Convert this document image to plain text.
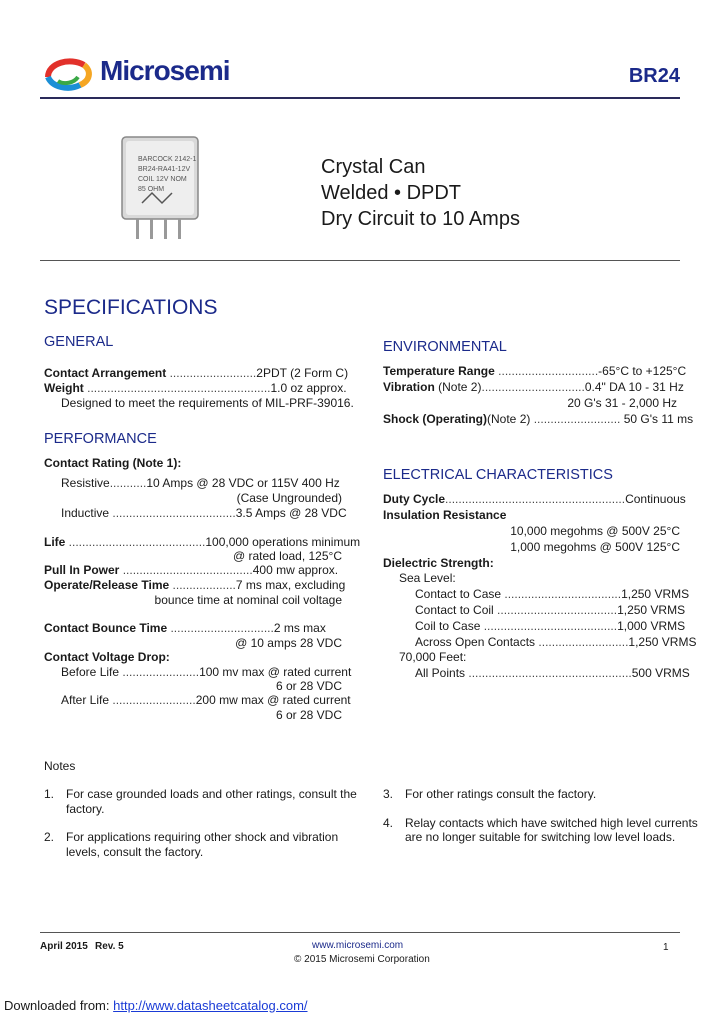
Microsemi	BR24
BARCOCK 2142-1
BR24-RA41-12V
COIL 12V NOM
85 OHM
Crystal Can
Welded • DPDT
Dry Circuit to 10 Amps
SPECIFICATIONS
GENERAL
Contact Arrangement ..........................2PDT (2 Form C)
Weight .......................................................1.0 oz approx.
Designed to meet the requirements of MIL-PRF-39016.
PERFORMANCE
Contact Rating (Note 1):
Resistive...........10 Amps @ 28 VDC or 115V 400 Hz
(Case Ungrounded)
Inductive .....................................3.5 Amps @ 28 VDC
Life .........................................100,000 operations minimum
@ rated load, 125°C
Pull In Power .......................................400 mw approx.
Operate/Release Time ...................7 ms max, excluding
bounce time at nominal coil voltage
Contact Bounce Time ...............................2 ms max
@ 10 amps 28 VDC
Contact Voltage Drop:
Before Life .......................100 mv max @ rated current
6 or 28 VDC
After Life .........................200 mw max @ rated current
6 or 28 VDC
ENVIRONMENTAL
Temperature Range ..............................-65°C to +125°C
Vibration (Note 2)...............................0.4" DA 10 - 31 Hz
20 G's 31 - 2,000 Hz
Shock (Operating)(Note 2) .......................... 50 G's 11 ms
ELECTRICAL CHARACTERISTICS
Duty Cycle......................................................Continuous
Insulation Resistance
10,000 megohms @ 500V 25°C
1,000 megohms @ 500V 125°C
Dielectric Strength:
Sea Level:
Contact to Case ...................................1,250 VRMS
Contact to Coil ....................................1,250 VRMS
Coil to Case ........................................1,000 VRMS
Across Open Contacts ...........................1,250 VRMS
70,000 Feet:
All Points .................................................500 VRMS
Notes
1. For case grounded loads and other ratings, consult the
factory.
2. For applications requiring other shock and vibration
levels, consult the factory.
3. For other ratings consult the factory.
4. Relay contacts which have switched high level currents
are no longer suitable for switching low level loads.
April 2015 Rev. 5	www.microsemi.com
© 2015 Microsemi Corporation
1
Downloaded from: http://www.datasheetcatalog.com/
